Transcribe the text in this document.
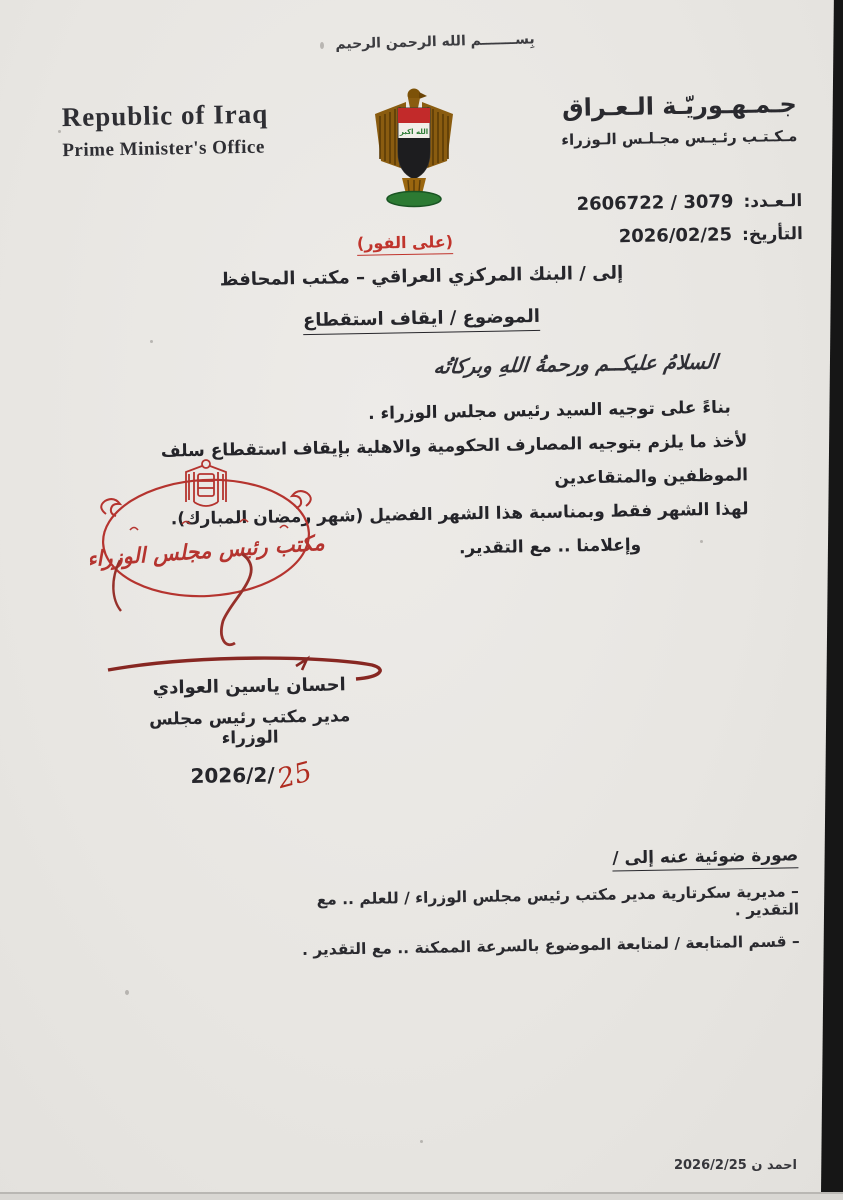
بِســـــــم الله الرحمن الرحيم
Republic of Iraq
Prime Minister's Office
الله اكبر
جـمـهـوريّـة الـعـراق
مـكـتـب رئـيـس مجـلـس الـوزراء
الـعـدد:
2606722 / 3079
التأريخ:
2026/02/25
(على الفور)
إلى / البنك المركزي العراقي – مكتب المحافظ
الموضوع / ايقاف استقطاع
السلامُ عليكــم ورحمةُ اللهِ وبركاتُه
بناءً على توجيه السيد رئيس مجلس الوزراء .
لأخذ ما يلزم بتوجيه المصارف الحكومية والاهلية بإيقاف استقطاع سلف الموظفين والمتقاعدين
لهذا الشهر فقط وبمناسبة هذا الشهر الفضيل (شهر رمضان المبارك).
وإعلامنا .. مع التقدير.
مكتب رئيس مجلس الوزراء
احسان ياسين العوادي
مدير مكتب رئيس مجلس الوزراء
2026/2/25
صورة ضوئية عنه إلى /
– مديرية سكرتارية مدير مكتب رئيس مجلس الوزراء / للعلم .. مع التقدير .
– قسم المتابعة / لمتابعة الموضوع بالسرعة الممكنة .. مع التقدير .
احمد ن 2026/2/25
